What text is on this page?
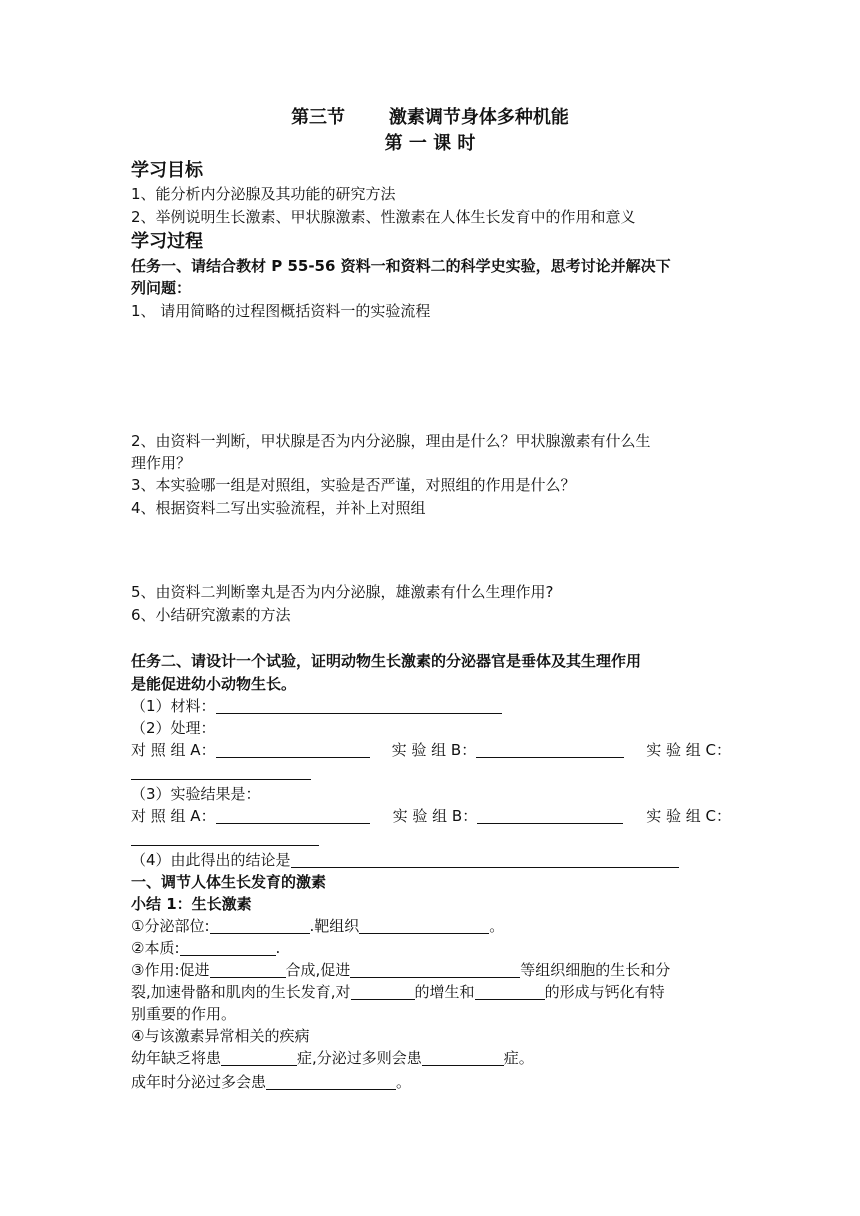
第三节       激素调节身体多种机能
第 一 课 时
学习目标
1、能分析内分泌腺及其功能的研究方法
2、举例说明生长激素、甲状腺激素、性激素在人体生长发育中的作用和意义
学习过程
任务一、请结合教材 P 55-56 资料一和资料二的科学史实验，思考讨论并解决下
列问题：
1、 请用简略的过程图概括资料一的实验流程
2、由资料一判断，甲状腺是否为内分泌腺，理由是什么？甲状腺激素有什么生
理作用？
3、本实验哪一组是对照组，实验是否严谨，对照组的作用是什么？
4、根据资料二写出实验流程，并补上对照组
5、由资料二判断睾丸是否为内分泌腺，雄激素有什么生理作用?
6、小结研究激素的方法
任务二、请设计一个试验，证明动物生长激素的分泌器官是垂体及其生理作用
是能促进幼小动物生长。
（1）材料：
（2）处理：
对 照 组 A：	实 验 组 B：	实 验 组 C：
（3）实验结果是：
对 照 组 A：	实 验 组 B：	实 验 组 C：
（4）由此得出的结论是
一、调节人体生长发育的激素
小结 1：生长激素
①分泌部位:	.靶组织	。
②本质:	.
③作用:促进	合成,促进	等组织细胞的生长和分
裂,加速骨骼和肌肉的生长发育,对	的增生和	的形成与钙化有特
别重要的作用。
④与该激素异常相关的疾病
幼年缺乏将患	症,分泌过多则会患	症。
成年时分泌过多会患	。
